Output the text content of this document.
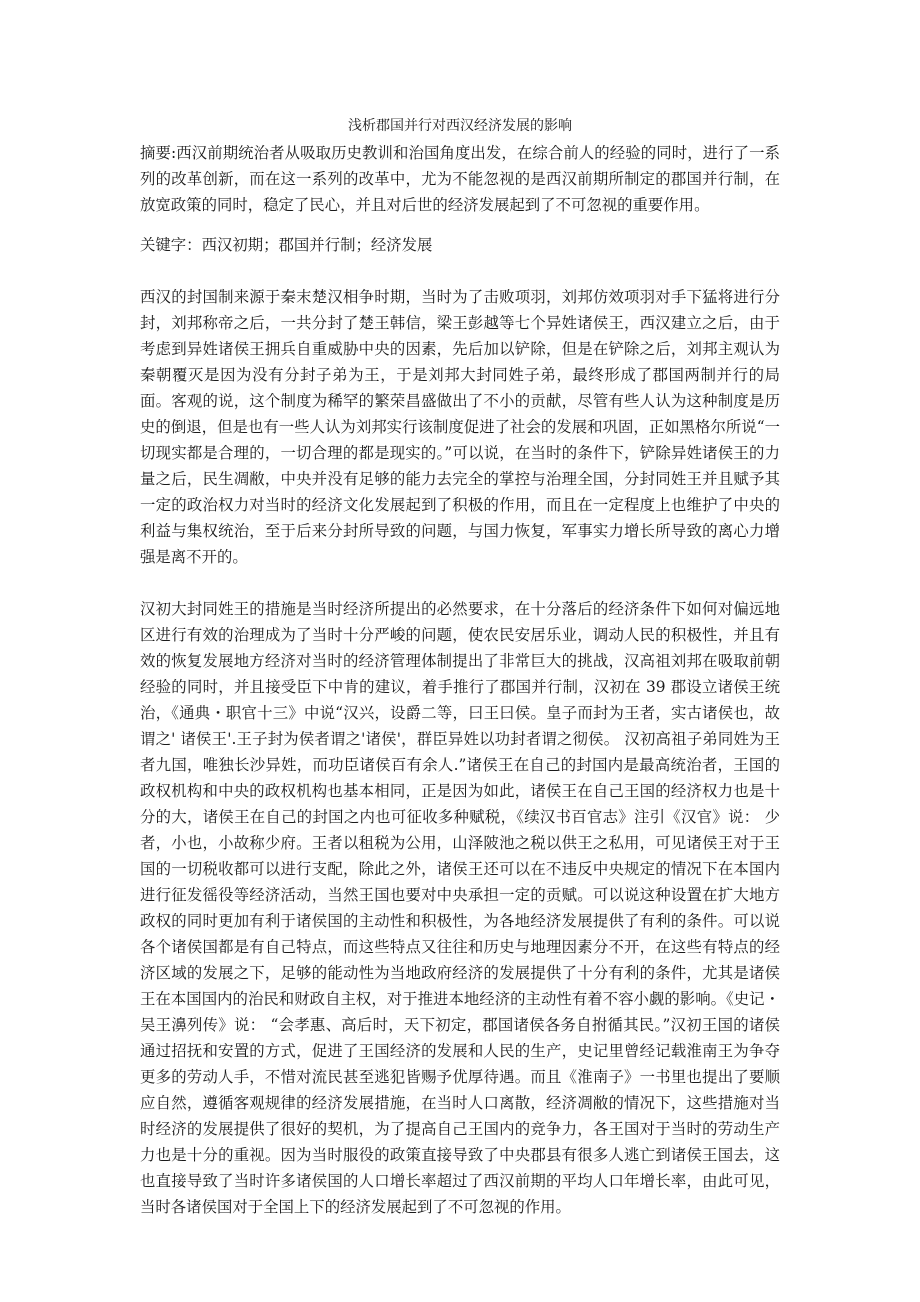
浅析郡国并行对西汉经济发展的影响

摘要:西汉前期统治者从吸取历史教训和治国角度出发，在综合前人的经验的同时，进行了一系列的改革创新，而在这一系列的改革中，尤为不能忽视的是西汉前期所制定的郡国并行制，在放宽政策的同时，稳定了民心，并且对后世的经济发展起到了不可忽视的重要作用。

关键字：西汉初期；郡国并行制；经济发展

西汉的封国制来源于秦末楚汉相争时期，当时为了击败项羽，刘邦仿效项羽对手下猛将进行分封，刘邦称帝之后，一共分封了楚王韩信，梁王彭越等七个异姓诸侯王，西汉建立之后，由于考虑到异姓诸侯王拥兵自重威胁中央的因素，先后加以铲除，但是在铲除之后，刘邦主观认为秦朝覆灭是因为没有分封子弟为王，于是刘邦大封同姓子弟，最终形成了郡国两制并行的局面。客观的说，这个制度为稀罕的繁荣昌盛做出了不小的贡献，尽管有些人认为这种制度是历史的倒退，但是也有一些人认为刘邦实行该制度促进了社会的发展和巩固，正如黑格尔所说“一切现实都是合理的，一切合理的都是现实的。”可以说，在当时的条件下，铲除异姓诸侯王的力量之后，民生凋敝，中央并没有足够的能力去完全的掌控与治理全国，分封同姓王并且赋予其一定的政治权力对当时的经济文化发展起到了积极的作用，而且在一定程度上也维护了中央的利益与集权统治，至于后来分封所导致的问题，与国力恢复，军事实力增长所导致的离心力增强是离不开的。

汉初大封同姓王的措施是当时经济所提出的必然要求，在十分落后的经济条件下如何对偏远地区进行有效的治理成为了当时十分严峻的问题，使农民安居乐业，调动人民的积极性，并且有效的恢复发展地方经济对当时的经济管理体制提出了非常巨大的挑战，汉高祖刘邦在吸取前朝经验的同时，并且接受臣下中肯的建议，着手推行了郡国并行制，汉初在 39 郡设立诸侯王统治，《通典・职官十三》中说“汉兴，设爵二等，曰王曰侯。皇子而封为王者，实古诸侯也，故谓之' 诸侯王'.王子封为侯者谓之'诸侯'，群臣异姓以功封者谓之彻侯。 汉初高祖子弟同姓为王者九国，唯独长沙异姓，而功臣诸侯百有余人.”诸侯王在自己的封国内是最高统治者，王国的政权机构和中央的政权机构也基本相同，正是因为如此，诸侯王在自己王国的经济权力也是十分的大，诸侯王在自己的封国之内也可征收多种赋税，《续汉书百官志》注引《汉官》说： 少者，小也，小故称少府。王者以租税为公用，山泽陂池之税以供王之私用，可见诸侯王对于王国的一切税收都可以进行支配，除此之外，诸侯王还可以在不违反中央规定的情况下在本国内进行征发徭役等经济活动，当然王国也要对中央承担一定的贡赋。可以说这种设置在扩大地方政权的同时更加有利于诸侯国的主动性和积极性，为各地经济发展提供了有利的条件。可以说各个诸侯国都是有自己特点，而这些特点又往往和历史与地理因素分不开，在这些有特点的经济区域的发展之下，足够的能动性为当地政府经济的发展提供了十分有利的条件，尤其是诸侯王在本国国内的治民和财政自主权，对于推进本地经济的主动性有着不容小觑的影响。《史记・吴王濞列传》说： “会孝惠、高后时，天下初定，郡国诸侯各务自拊循其民。”汉初王国的诸侯通过招抚和安置的方式，促进了王国经济的发展和人民的生产，史记里曾经记载淮南王为争夺更多的劳动人手，不惜对流民甚至逃犯皆赐予优厚待遇。而且《淮南子》一书里也提出了要顺应自然，遵循客观规律的经济发展措施，在当时人口离散，经济凋敝的情况下，这些措施对当时经济的发展提供了很好的契机，为了提高自己王国内的竞争力，各王国对于当时的劳动生产力也是十分的重视。因为当时服役的政策直接导致了中央郡县有很多人逃亡到诸侯王国去，这也直接导致了当时许多诸侯国的人口增长率超过了西汉前期的平均人口年增长率，由此可见，当时各诸侯国对于全国上下的经济发展起到了不可忽视的作用。
